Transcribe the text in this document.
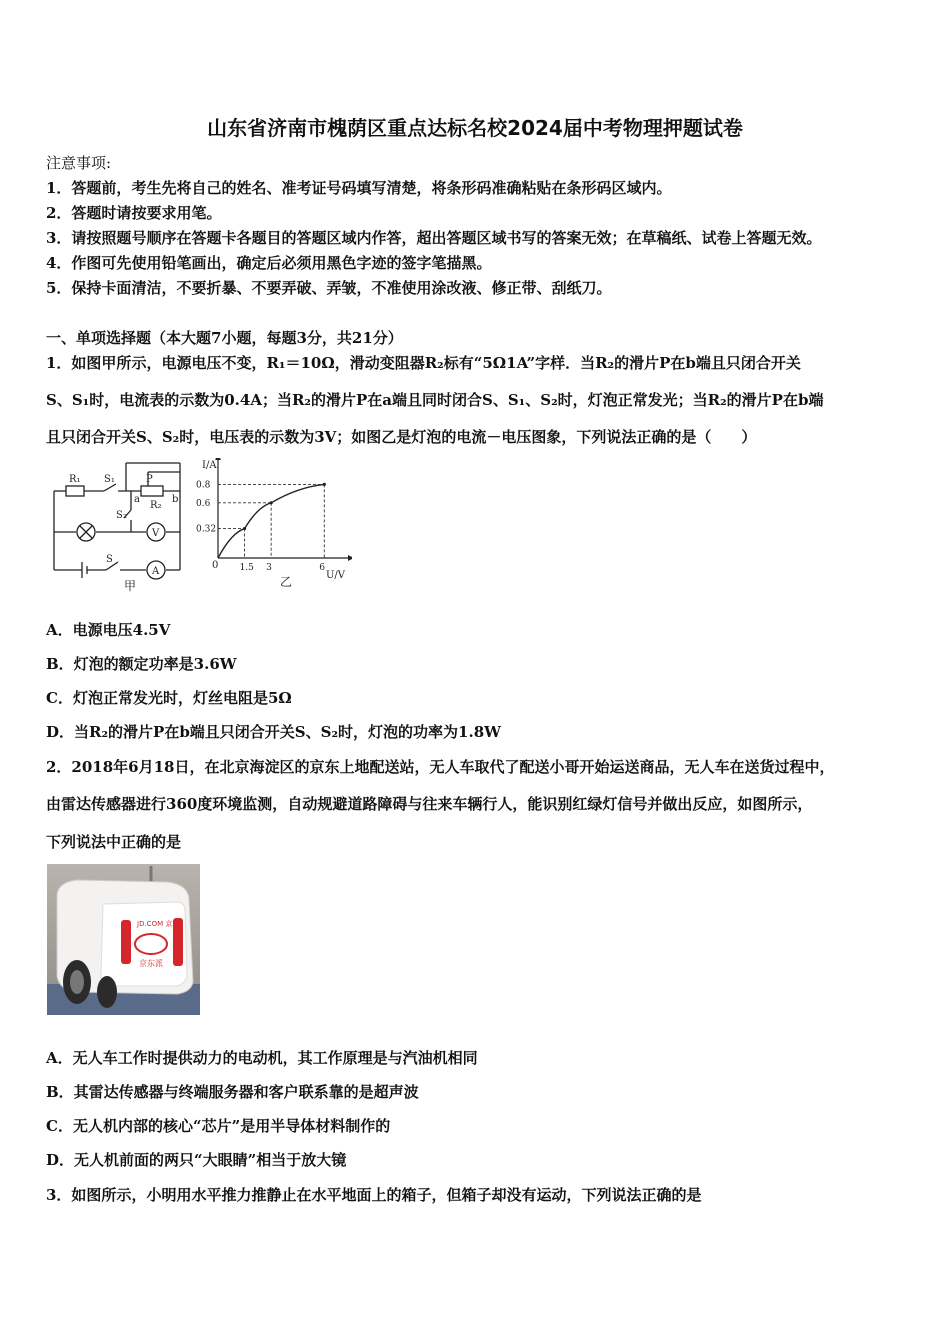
山东省济南市槐荫区重点达标名校2024届中考物理押题试卷
注意事项:
1．答题前，考生先将自己的姓名、准考证号码填写清楚，将条形码准确粘贴在条形码区域内。
2．答题时请按要求用笔。
3．请按照题号顺序在答题卡各题目的答题区域内作答，超出答题区域书写的答案无效；在草稿纸、试卷上答题无效。
4．作图可先使用铅笔画出，确定后必须用黑色字迹的签字笔描黑。
5．保持卡面清洁，不要折暴、不要弄破、弄皱，不准使用涂改液、修正带、刮纸刀。
一、单项选择题（本大题7小题，每题3分，共21分）
1．如图甲所示，电源电压不变，R₁＝10Ω，滑动变阻器R₂标有“5Ω1A”字样．当R₂的滑片P在b端且只闭合开关
S、S₁时，电流表的示数为0.4A；当R₂的滑片P在a端且同时闭合S、S₁、S₂时，灯泡正常发光；当R₂的滑片P在b端
且只闭合开关S、S₂时，电压表的示数为3V；如图乙是灯泡的电流－电压图象，下列说法正确的是（　　）
R₁ S₁	P
a	b
R₂
S₂
V
S
A
甲
1.5 3	6
0.8
0.6
0.32
I/A
U/V
0
乙
A．电源电压4.5V
B．灯泡的额定功率是3.6W
C．灯泡正常发光时，灯丝电阻是5Ω
D．当R₂的滑片P在b端且只闭合开关S、S₂时，灯泡的功率为1.8W
2．2018年6月18日，在北京海淀区的京东上地配送站，无人车取代了配送小哥开始运送商品，无人车在送货过程中，
由雷达传感器进行360度环境监测，自动规避道路障碍与往来车辆行人，能识别红绿灯信号并做出反应，如图所示，
下列说法中正确的是
JD.COM 京东
京东派
A．无人车工作时提供动力的电动机，其工作原理是与汽油机相同
B．其雷达传感器与终端服务器和客户联系靠的是超声波
C．无人机内部的核心“芯片”是用半导体材料制作的
D．无人机前面的两只“大眼睛”相当于放大镜
3．如图所示，小明用水平推力推静止在水平地面上的箱子，但箱子却没有运动，下列说法正确的是
